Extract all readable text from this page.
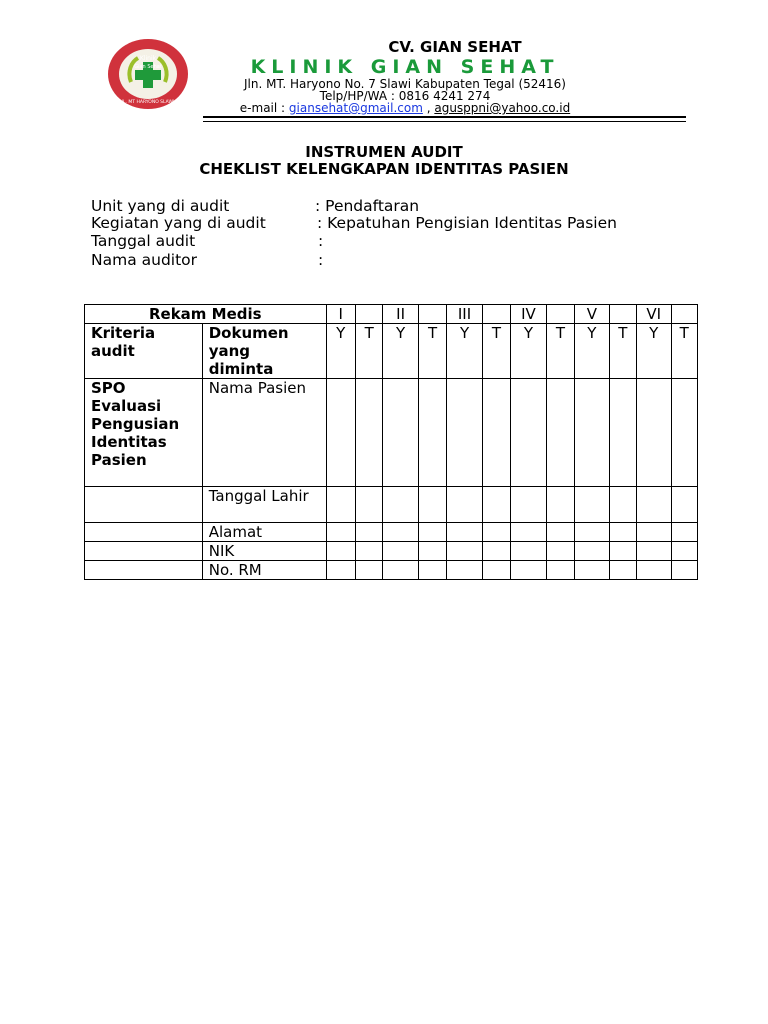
Klinik
Gian Sehat
JL. MT HARYONO SLAWI
CV. GIAN SEHAT
KLINIK GIAN SEHAT
Jln. MT. Haryono No. 7 Slawi Kabupaten Tegal (52416)
Telp/HP/WA : 0816 4241 274
e-mail : giansehat@gmail.com , agusppni@yahoo.co.id
INSTRUMEN AUDIT
CHEKLIST KELENGKAPAN IDENTITAS PASIEN
Unit yang di audit	: Pendaftaran
Kegiatan yang di audit	: Kepatuhan Pengisian Identitas Pasien
Tanggal audit	:
Nama auditor	:
Rekam Medis		I		II		III		IV		V		VI	
Kriteria audit	Dokumen yang diminta	Y	T	Y	T	Y	T	Y	T	Y	T	Y	T
SPO Evaluasi Pengusian Identitas Pasien	Nama Pasien												
	Tanggal Lahir												
	Alamat												
	NIK												
	No. RM												
